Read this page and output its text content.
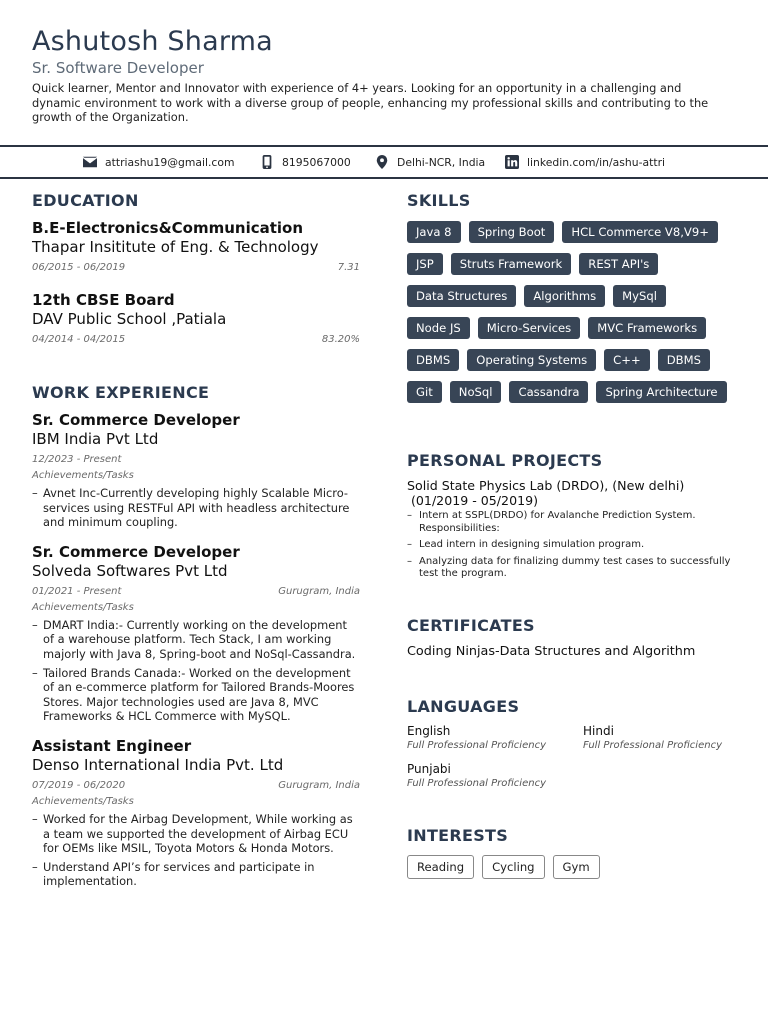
Ashutosh Sharma
Sr. Software Developer
Quick learner, Mentor and Innovator with experience of 4+ years. Looking for an opportunity in a challenging and dynamic environment to work with a diverse group of people, enhancing my professional skills and contributing to the growth of the Organization.
attriashu19@gmail.com	8195067000	Delhi-NCR, India	linkedin.com/in/ashu-attri
EDUCATION
B.E-Electronics&Communication
Thapar Insititute of Eng. & Technology
06/2015 - 06/2019	7.31
12th CBSE Board
DAV Public School ,Patiala
04/2014 - 04/2015	83.20%
WORK EXPERIENCE
Sr. Commerce Developer
IBM India Pvt Ltd
12/2023 - Present
Achievements/Tasks
– Avnet Inc-Currently developing highly Scalable Micro-services using RESTFul API with headless architecture and minimum coupling.
Sr. Commerce Developer
Solveda Softwares Pvt Ltd
01/2021 - Present	Gurugram, India
Achievements/Tasks
– DMART India:- Currently working on the development of a warehouse platform. Tech Stack, I am working majorly with Java 8, Spring-boot and NoSql-Cassandra.
– Tailored Brands Canada:- Worked on the development of an e-commerce platform for Tailored Brands-Moores Stores. Major technologies used are Java 8, MVC Frameworks & HCL Commerce with MySQL.
Assistant Engineer
Denso International India Pvt. Ltd
07/2019 - 06/2020	Gurugram, India
Achievements/Tasks
– Worked for the Airbag Development, While working as a team we supported the development of Airbag ECU for OEMs like MSIL, Toyota Motors & Honda Motors.
– Understand API’s for services and participate in implementation.
SKILLS
Java 8	Spring Boot	HCL Commerce V8,V9+
JSP	Struts Framework	REST API's
Data Structures	Algorithms	MySql
Node JS	Micro-Services	MVC Frameworks
DBMS	Operating Systems	C++	DBMS
Git	NoSql	Cassandra	Spring Architecture
PERSONAL PROJECTS
Solid State Physics Lab (DRDO), (New delhi)
(01/2019 - 05/2019)
– Intern at SSPL(DRDO) for Avalanche Prediction System. Responsibilities:
– Lead intern in designing simulation program.
– Analyzing data for finalizing dummy test cases to successfully test the program.
CERTIFICATES
Coding Ninjas-Data Structures and Algorithm
LANGUAGES
English
Full Professional Proficiency
Hindi
Full Professional Proficiency
Punjabi
Full Professional Proficiency
INTERESTS
Reading	Cycling	Gym
